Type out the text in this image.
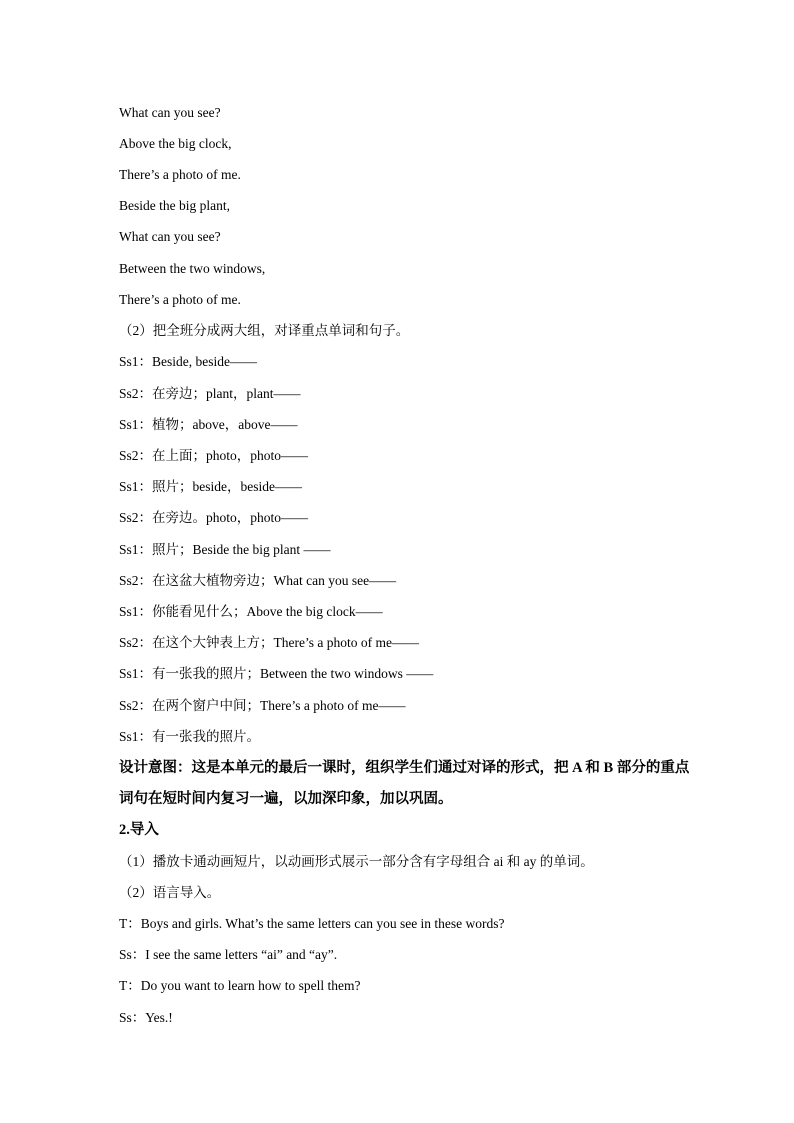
What can you see?
Above the big clock,
There’s a photo of me.
Beside the big plant,
What can you see?
Between the two windows,
There’s a photo of me.
（2）把全班分成两大组，对译重点单词和句子。
Ss1：Beside, beside——
Ss2：在旁边；plant，plant——
Ss1：植物；above，above——
Ss2：在上面；photo，photo——
Ss1：照片；beside，beside——
Ss2：在旁边。photo，photo——
Ss1：照片；Beside the big plant ——
Ss2：在这盆大植物旁边；What can you see——
Ss1：你能看见什么；Above the big clock——
Ss2：在这个大钟表上方；There’s a photo of me——
Ss1：有一张我的照片；Between the two windows ——
Ss2：在两个窗户中间；There’s a photo of me——
Ss1：有一张我的照片。
设计意图：这是本单元的最后一课时，组织学生们通过对译的形式，把 A 和 B 部分的重点
词句在短时间内复习一遍，以加深印象，加以巩固。
2.导入
（1）播放卡通动画短片，以动画形式展示一部分含有字母组合 ai 和 ay 的单词。
（2）语言导入。
T：Boys and girls. What’s the same letters can you see in these words?
Ss：I see the same letters “ai” and “ay”.
T：Do you want to learn how to spell them?
Ss：Yes.!
